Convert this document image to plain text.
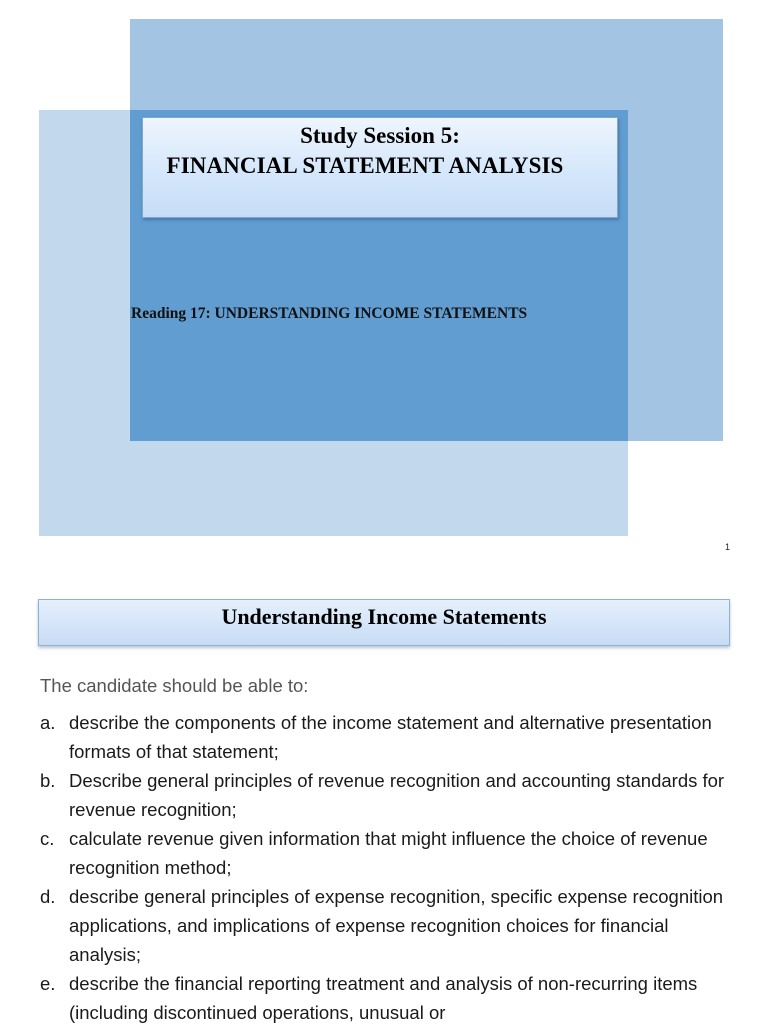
Study Session 5:
FINANCIAL STATEMENT ANALYSIS
Reading 17: UNDERSTANDING INCOME STATEMENTS
1
Understanding Income Statements
The candidate should be able to:
a. describe the components of the income statement and alternative presentation formats of that statement;
b. Describe general principles of revenue recognition and accounting standards for revenue recognition;
c. calculate revenue given information that might influence the choice of revenue recognition method;
d. describe general principles of expense recognition, specific expense recognition applications, and implications of expense recognition choices for financial analysis;
e. describe the financial reporting treatment and analysis of non-recurring items (including discontinued operations, unusual or
